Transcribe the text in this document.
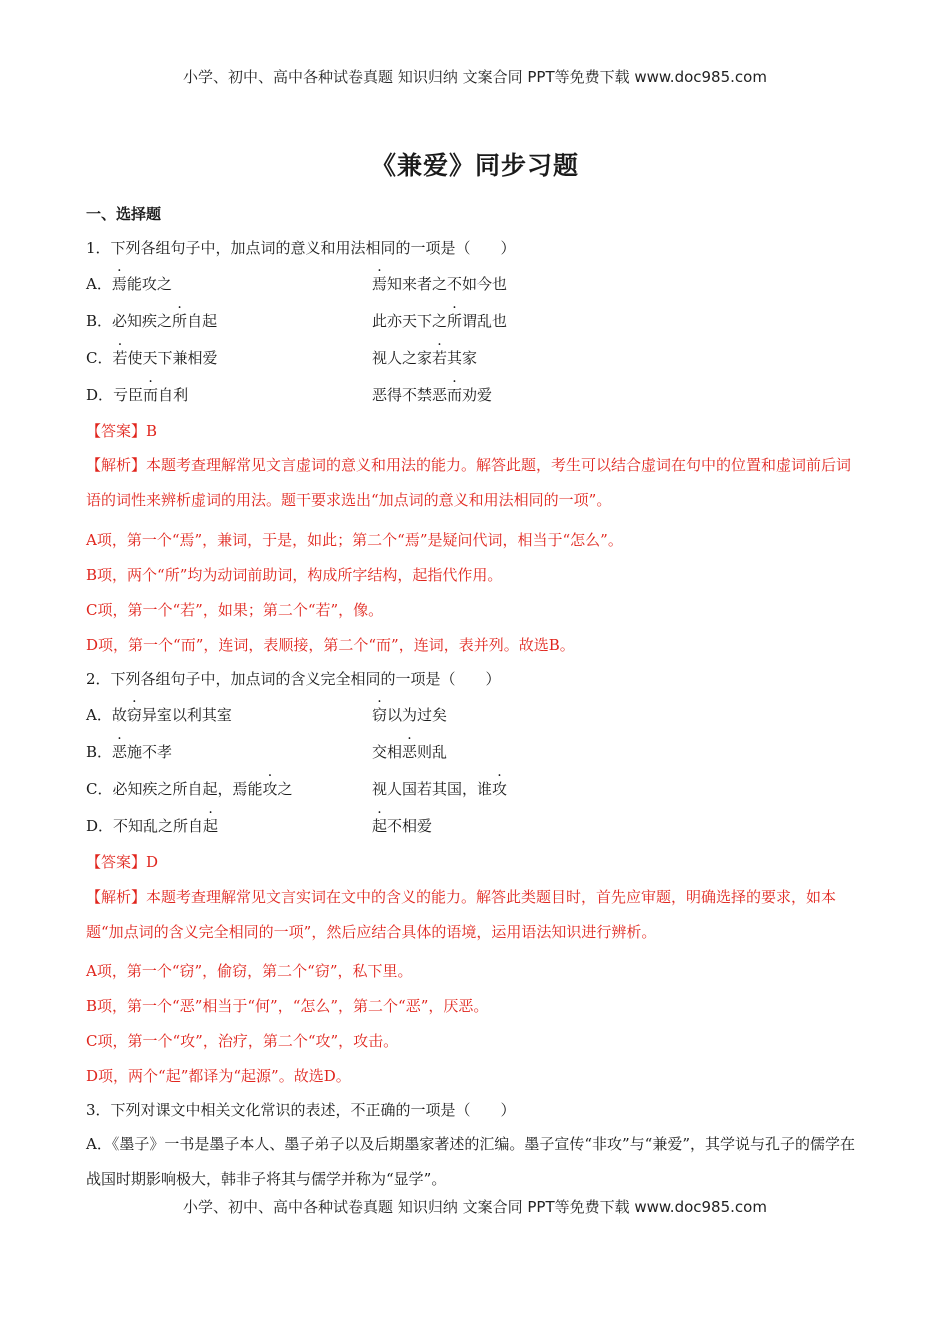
小学、初中、高中各种试卷真题 知识归纳 文案合同 PPT等免费下载 www.doc985.com
《兼爱》同步习题
一、选择题
1．下列各组句子中，加点词的意义和用法相同的一项是（　　）
A．焉能攻之	焉知来者之不如今也
B．必知疾之所自起	此亦天下之所谓乱也
C．若使天下兼相爱	视人之家若其家
D．亏臣而自利	恶得不禁恶而劝爱
【答案】B
【解析】本题考查理解常见文言虚词的意义和用法的能力。解答此题，考生可以结合虚词在句中的位置和虚词前后词语的词性来辨析虚词的用法。题干要求选出“加点词的意义和用法相同的一项”。
A项，第一个“焉”，兼词，于是，如此；第二个“焉”是疑问代词，相当于“怎么”。
B项，两个“所”均为动词前助词，构成所字结构，起指代作用。
C项，第一个“若”，如果；第二个“若”，像。
D项，第一个“而”，连词，表顺接，第二个“而”，连词，表并列。故选B。
2．下列各组句子中，加点词的含义完全相同的一项是（　　）
A．故窃异室以利其室	窃以为过矣
B．恶施不孝	交相恶则乱
C．必知疾之所自起，焉能攻之	视人国若其国，谁攻
D．不知乱之所自起	起不相爱
【答案】D
【解析】本题考查理解常见文言实词在文中的含义的能力。解答此类题目时，首先应审题，明确选择的要求，如本题“加点词的含义完全相同的一项”，然后应结合具体的语境，运用语法知识进行辨析。
A项，第一个“窃”，偷窃，第二个“窃”，私下里。
B项，第一个“恶”相当于“何”，“怎么”，第二个“恶”，厌恶。
C项，第一个“攻”，治疗，第二个“攻”，攻击。
D项，两个“起”都译为“起源”。故选D。
3．下列对课文中相关文化常识的表述，不正确的一项是（　　）
A．《墨子》一书是墨子本人、墨子弟子以及后期墨家著述的汇编。墨子宣传“非攻”与“兼爱”，其学说与孔子的儒学在战国时期影响极大，韩非子将其与儒学并称为“显学”。
小学、初中、高中各种试卷真题 知识归纳 文案合同 PPT等免费下载 www.doc985.com
